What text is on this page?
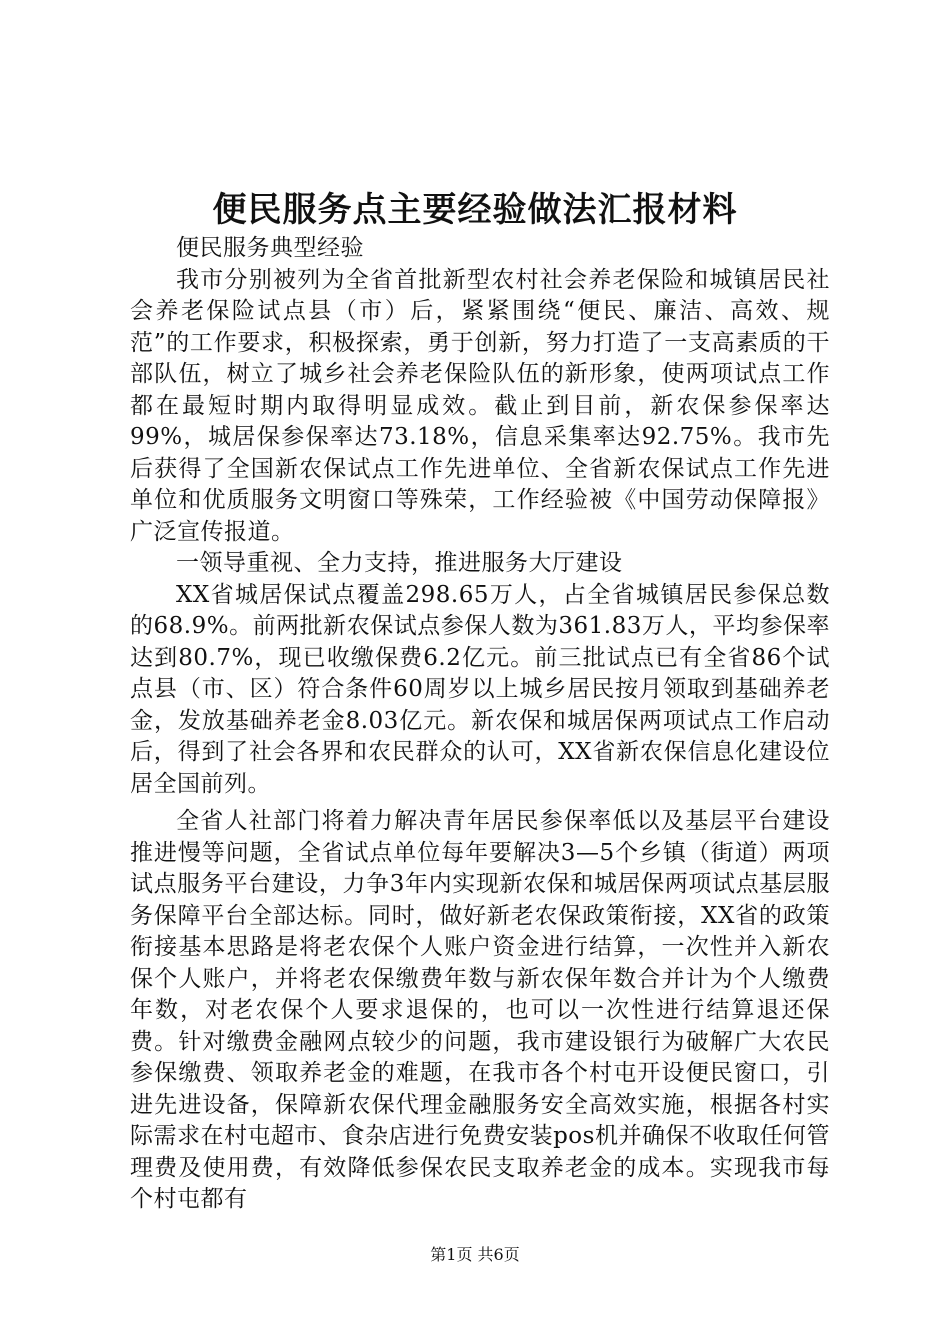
便民服务点主要经验做法汇报材料

便民服务典型经验

我市分别被列为全省首批新型农村社会养老保险和城镇居民社会养老保险试点县（市）后，紧紧围绕“便民、廉洁、高效、规范”的工作要求，积极探索，勇于创新，努力打造了一支高素质的干部队伍，树立了城乡社会养老保险队伍的新形象，使两项试点工作都在最短时期内取得明显成效。截止到目前，新农保参保率达99%，城居保参保率达73.18%，信息采集率达92.75%。我市先后获得了全国新农保试点工作先进单位、全省新农保试点工作先进单位和优质服务文明窗口等殊荣，工作经验被《中国劳动保障报》广泛宣传报道。

一领导重视、全力支持，推进服务大厅建设

XX省城居保试点覆盖298.65万人，占全省城镇居民参保总数的68.9%。前两批新农保试点参保人数为361.83万人，平均参保率达到80.7%，现已收缴保费6.2亿元。前三批试点已有全省86个试点县（市、区）符合条件60周岁以上城乡居民按月领取到基础养老金，发放基础养老金8.03亿元。新农保和城居保两项试点工作启动后，得到了社会各界和农民群众的认可，XX省新农保信息化建设位居全国前列。

全省人社部门将着力解决青年居民参保率低以及基层平台建设推进慢等问题，全省试点单位每年要解决3—5个乡镇（街道）两项试点服务平台建设，力争3年内实现新农保和城居保两项试点基层服务保障平台全部达标。同时，做好新老农保政策衔接，XX省的政策衔接基本思路是将老农保个人账户资金进行结算，一次性并入新农保个人账户，并将老农保缴费年数与新农保年数合并计为个人缴费年数，对老农保个人要求退保的，也可以一次性进行结算退还保费。针对缴费金融网点较少的问题，我市建设银行为破解广大农民参保缴费、领取养老金的难题，在我市各个村屯开设便民窗口，引进先进设备，保障新农保代理金融服务安全高效实施，根据各村实际需求在村屯超市、食杂店进行免费安装pos机并确保不收取任何管理费及使用费，有效降低参保农民支取养老金的成本。实现我市每个村屯都有

第1页 共6页
